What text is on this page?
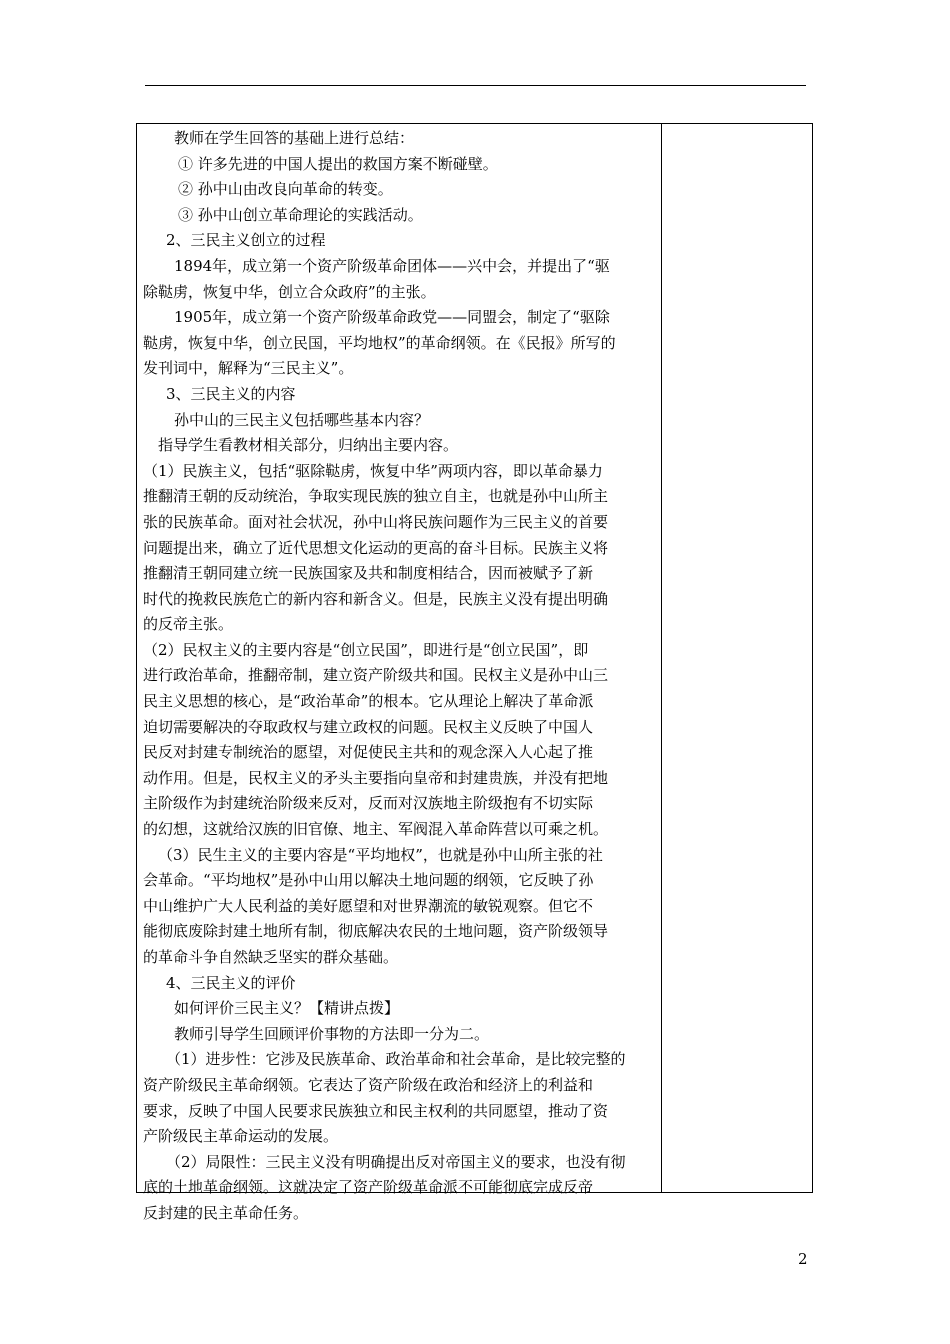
教师在学生回答的基础上进行总结：

① 许多先进的中国人提出的救国方案不断碰壁。

② 孙中山由改良向革命的转变。

③ 孙中山创立革命理论的实践活动。

2、三民主义创立的过程

1894年，成立第一个资产阶级革命团体——兴中会，并提出了“驱

除鞑虏，恢复中华，创立合众政府”的主张。

1905年，成立第一个资产阶级革命政党——同盟会，制定了“驱除

鞑虏，恢复中华，创立民国，平均地权”的革命纲领。在《民报》所写的

发刊词中，解释为“三民主义”。

3、三民主义的内容

孙中山的三民主义包括哪些基本内容？

指导学生看教材相关部分，归纳出主要内容。

（1）民族主义，包括“驱除鞑虏，恢复中华”两项内容，即以革命暴力

推翻清王朝的反动统治，争取实现民族的独立自主，也就是孙中山所主

张的民族革命。面对社会状况，孙中山将民族问题作为三民主义的首要

问题提出来，确立了近代思想文化运动的更高的奋斗目标。民族主义将

推翻清王朝同建立统一民族国家及共和制度相结合，因而被赋予了新

时代的挽救民族危亡的新内容和新含义。但是，民族主义没有提出明确

的反帝主张。

（2）民权主义的主要内容是“创立民国”，即进行是“创立民国”，即

进行政治革命，推翻帝制，建立资产阶级共和国。民权主义是孙中山三

民主义思想的核心，是“政治革命”的根本。它从理论上解决了革命派

迫切需要解决的夺取政权与建立政权的问题。民权主义反映了中国人

民反对封建专制统治的愿望，对促使民主共和的观念深入人心起了推

动作用。但是，民权主义的矛头主要指向皇帝和封建贵族，并没有把地

主阶级作为封建统治阶级来反对，反而对汉族地主阶级抱有不切实际

的幻想，这就给汉族的旧官僚、地主、军阀混入革命阵营以可乘之机。

（3）民生主义的主要内容是“平均地权”，也就是孙中山所主张的社

会革命。“平均地权”是孙中山用以解决土地问题的纲领，它反映了孙

中山维护广大人民利益的美好愿望和对世界潮流的敏锐观察。但它不

能彻底废除封建土地所有制，彻底解决农民的土地问题，资产阶级领导

的革命斗争自然缺乏坚实的群众基础。

4、三民主义的评价

如何评价三民主义？【精讲点拨】

教师引导学生回顾评价事物的方法即一分为二。

（1）进步性：它涉及民族革命、政治革命和社会革命，是比较完整的

资产阶级民主革命纲领。它表达了资产阶级在政治和经济上的利益和

要求，反映了中国人民要求民族独立和民主权利的共同愿望，推动了资

产阶级民主革命运动的发展。

（2）局限性：三民主义没有明确提出反对帝国主义的要求，也没有彻

底的土地革命纲领。这就决定了资产阶级革命派不可能彻底完成反帝

反封建的民主革命任务。

2
